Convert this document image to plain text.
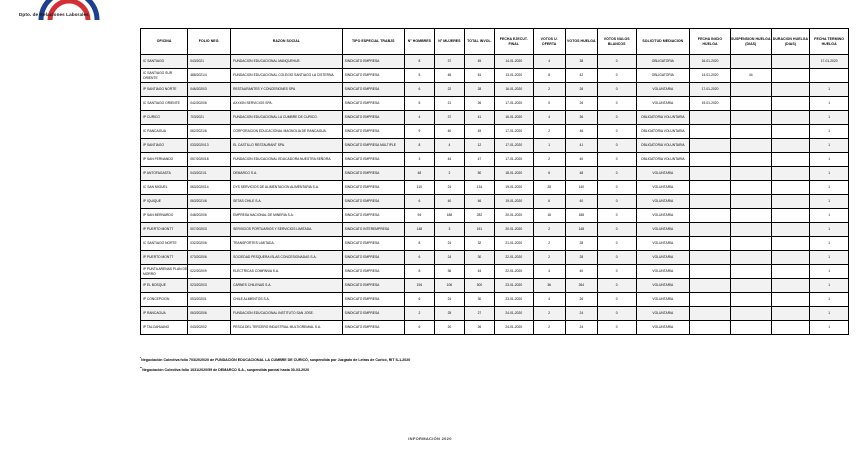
Dpto. de Relaciones Laborales
OFICINA	FOLIO NEG.	RAZON SOCIAL	TIPO ESPECIAL TRABJS	N° HOMBRES	N° MUJERES	TOTAL INVOL.	FECHA EJECUT. FINAL	VOTOS U. OFERTA	VOTOS HUELGA	VOTOS NULOS BLANCOS	SOLICITUD MEDIACION	FECHA INICIO HUELGA	SUSPENSION HUELGA (DIAS)	DURACION HUELGA (DIAS)	FECHA TERMINO HUELGA
IC SANTIAGO	043/2021	FUNDACION EDUCACIONAL MANQUEHUE.	SINDICATO EMPRESA	8	37	45	14-01-2020	4	38	0	OBLIGATORIA	16-01-2020			17-01-2020
IC SANTIAGO SUR ORIENTE	488/2021/4	FUNDACION EDUCACIONAL COLEGIO SANTIAGO LA CISTERNA.	SINDICATO EMPRESA	5	46	51	13-01-2020	8	42	0	OBLIGATORIA	14-01-2020	44		
IP SANTIAGO NORTE	046/2020/3	RESTAURANTES Y CONCESIONES SPA	SINDICATO EMPRESA	6	22	28	16-01-2020	2	26	0	VOLUNTARIA	17-01-2020			1
IC SANTIAGO ORIENTE	042/2020/6	AXXION SERVICIOS SPA.	SINDICATO EMPRESA	5	21	26	17-01-2020	0	26	0	VOLUNTARIA	19-01-2020			1
IP CURICO	703/2021	FUNDACION EDUCACIONAL LA CUMBRE DE CURICO.	SINDICATO EMPRESA	4	37	41	16-01-2020	4	36	0	OBLIGATORIA VOLUNTARIA				1
IC RANCAGUA	062/2021/6	CORPORACION EDUCACIONAL MAGNOLIA DE RANCAGUA.	SINDICATO EMPRESA	9	40	49	17-01-2020	2	46	0	OBLIGATORIA VOLUNTARIA				1
IP SANTIAGO	033/2020/13	EL CASTILLO RESTAURANT SPA.	SINDICATO EMPRESA MULTIPLE	8	4	12	17-01-2020	1	41	0	OBLIGATORIA VOLUNTARIA				1
IP SAN FERNANDO	057/2020/18	FUNDACION EDUCACIONAL EDUCADORA NUESTRA SEÑORA.	SINDICATO EMPRESA	3	44	47	17-01-2020	2	40	0	OBLIGATORIA VOLUNTARIA				1
IP ANTOFAGASTA	043/2021/1	DEMARCO S.A.	SINDICATO EMPRESA	48	2	50	18-01-2020	6	48	0	VOLUNTARIA				1
IC SAN MIGUEL	063/2020/14	DYS SERVICIOS DE ALIMENTACION ALIMENTARIA S.A.	SINDICATO EMPRESA	110	24	134	19-01-2020	28	140	0	VOLUNTARIA				1
IP IQUIQUE	063/2021/6	SETAS CHILE S.A.	SINDICATO EMPRESA	6	40	46	19-01-2020	6	40	0	VOLUNTARIA				1
IP SAN BERNARDO	048/2020/6	EMPRESA NACIONAL DE MINERIA S.A.	SINDICATO EMPRESA	94	188	282	20-01-2020	18	188	0	VOLUNTARIA				1
IP PUERTO MONTT	007/2020/3	SERVICIOS PORTUARIOS Y SERVICIOS LIMITADA.	SINDICATO INTEREMPRESA	148	3	151	20-01-2020	2	148	0	VOLUNTARIA				1
IC SANTIAGO NORTE	032/2020/6	TRANSPORTES LIMITADA.	SINDICATO EMPRESA	8	24	32	21-01-2020	2	28	0	VOLUNTARIA				1
IP PUERTO MONTT	073/2020/6	SOCIEDAD PESQUERA ISLAS CONCESIONADAS S.A.	SINDICATO EMPRESA	6	24	30	22-01-2020	2	28	0	VOLUNTARIA				1
IP PUNTA ARENAS PLAN DE MORRO	022/2020/9	ELECTRICAS COMPANIA S.A.	SINDICATO EMPRESA	8	36	44	22-01-2020	4	40	0	VOLUNTARIA				1
IP EL BOSQUE	023/2020/3	CARNES CHILENAS S.A.	SINDICATO EMPRESA	194	106	300	23-01-2020	36	264	0	VOLUNTARIA				1
IP CONCEPCION	053/2020/1	CHILE ALIMENTOS S.A.	SINDICATO EMPRESA	6	24	30	23-01-2020	4	26	0	VOLUNTARIA				1
IP RANCAGUA	063/2020/6	FUNDACION EDUCACIONAL INSTITUTO SAN JOSE.	SINDICATO EMPRESA	2	25	27	24-01-2020	2	24	0	VOLUNTARIA				1
IP TALCAHUANO	043/2020/2	PESCA DEL TERCERO INDUSTRIAL MULTIGREMIAL S.A.	SINDICATO EMPRESA	6	20	26	24-01-2020	2	24	0	VOLUNTARIA				1
*Negociación Colectiva folio 703/2020/20 de FUNDACIÓN EDUCACIONAL LA CUMBRE DE CURICÓ, suspendida por Juzgado de Letras de Curicó, RIT S-1-2020
**Negociación Colectiva folio 1031/2020/59 de DEMARCO S.A., suspendida parcial hasta 30-03-2020
INFORMACIÓN 2020
